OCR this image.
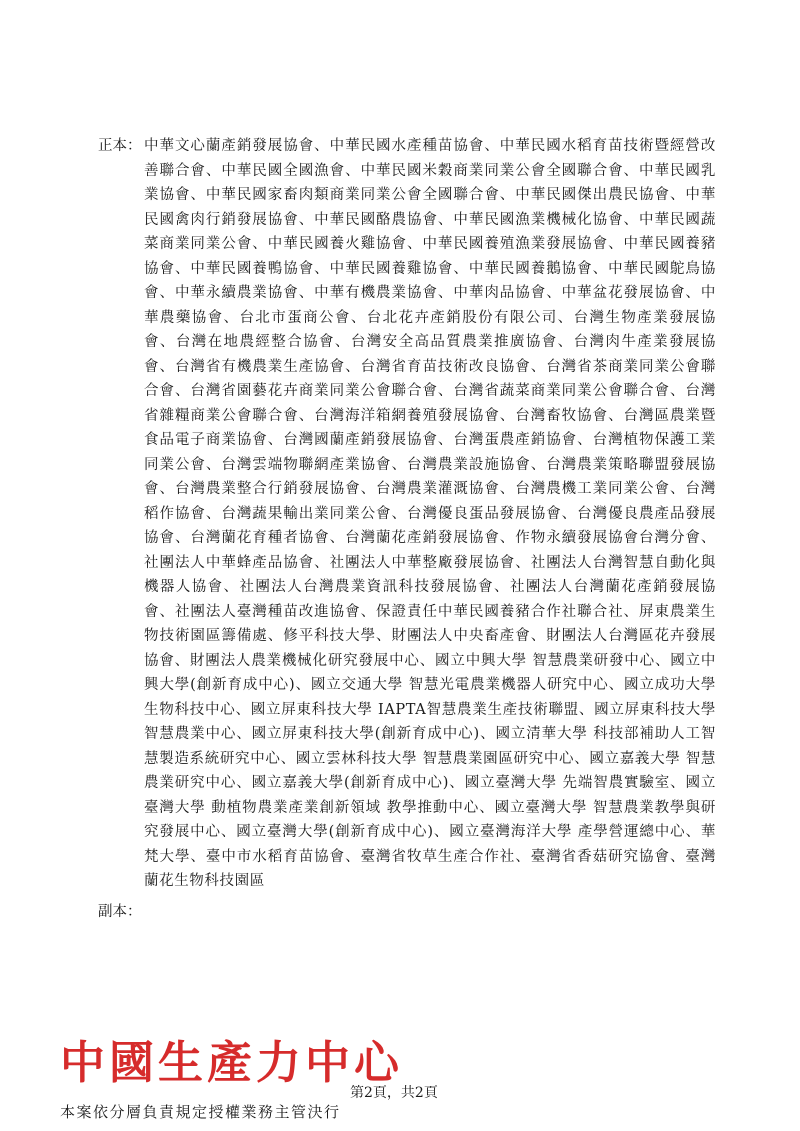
正本： 中華文心蘭產銷發展協會、中華民國水產種苗協會、中華民國水稻育苗技術暨經營改善聯合會、中華民國全國漁會、中華民國米穀商業同業公會全國聯合會、中華民國乳業協會、中華民國家畜肉類商業同業公會全國聯合會、中華民國傑出農民協會、中華民國禽肉行銷發展協會、中華民國酪農協會、中華民國漁業機械化協會、中華民國蔬菜商業同業公會、中華民國養火雞協會、中華民國養殖漁業發展協會、中華民國養豬協會、中華民國養鴨協會、中華民國養雞協會、中華民國養鵝協會、中華民國鴕鳥協會、中華永續農業協會、中華有機農業協會、中華肉品協會、中華盆花發展協會、中華農藥協會、台北市蛋商公會、台北花卉產銷股份有限公司、台灣生物產業發展協會、台灣在地農經整合協會、台灣安全高品質農業推廣協會、台灣肉牛產業發展協會、台灣省有機農業生產協會、台灣省育苗技術改良協會、台灣省茶商業同業公會聯合會、台灣省園藝花卉商業同業公會聯合會、台灣省蔬菜商業同業公會聯合會、台灣省雜糧商業公會聯合會、台灣海洋箱網養殖發展協會、台灣畜牧協會、台灣區農業暨食品電子商業協會、台灣國蘭產銷發展協會、台灣蛋農產銷協會、台灣植物保護工業同業公會、台灣雲端物聯網產業協會、台灣農業設施協會、台灣農業策略聯盟發展協會、台灣農業整合行銷發展協會、台灣農業灌溉協會、台灣農機工業同業公會、台灣稻作協會、台灣蔬果輸出業同業公會、台灣優良蛋品發展協會、台灣優良農產品發展協會、台灣蘭花育種者協會、台灣蘭花產銷發展協會、作物永續發展協會台灣分會、社團法人中華蜂產品協會、社團法人中華整廠發展協會、社團法人台灣智慧自動化與機器人協會、社團法人台灣農業資訊科技發展協會、社團法人台灣蘭花產銷發展協會、社團法人臺灣種苗改進協會、保證責任中華民國養豬合作社聯合社、屏東農業生物技術園區籌備處、修平科技大學、財團法人中央畜產會、財團法人台灣區花卉發展協會、財團法人農業機械化研究發展中心、國立中興大學 智慧農業研發中心、國立中興大學(創新育成中心)、國立交通大學 智慧光電農業機器人研究中心、國立成功大學生物科技中心、國立屏東科技大學 IAPTA智慧農業生產技術聯盟、國立屏東科技大學 智慧農業中心、國立屏東科技大學(創新育成中心)、國立清華大學 科技部補助人工智慧製造系統研究中心、國立雲林科技大學 智慧農業園區研究中心、國立嘉義大學 智慧農業研究中心、國立嘉義大學(創新育成中心)、國立臺灣大學 先端智農實驗室、國立臺灣大學 動植物農業產業創新領域 教學推動中心、國立臺灣大學 智慧農業教學與研究發展中心、國立臺灣大學(創新育成中心)、國立臺灣海洋大學 產學營運總中心、華梵大學、臺中市水稻育苗協會、臺灣省牧草生產合作社、臺灣省香菇研究協會、臺灣蘭花生物科技園區
副本：
中國生產力中心
第2頁，共2頁
本案依分層負責規定授權業務主管決行
